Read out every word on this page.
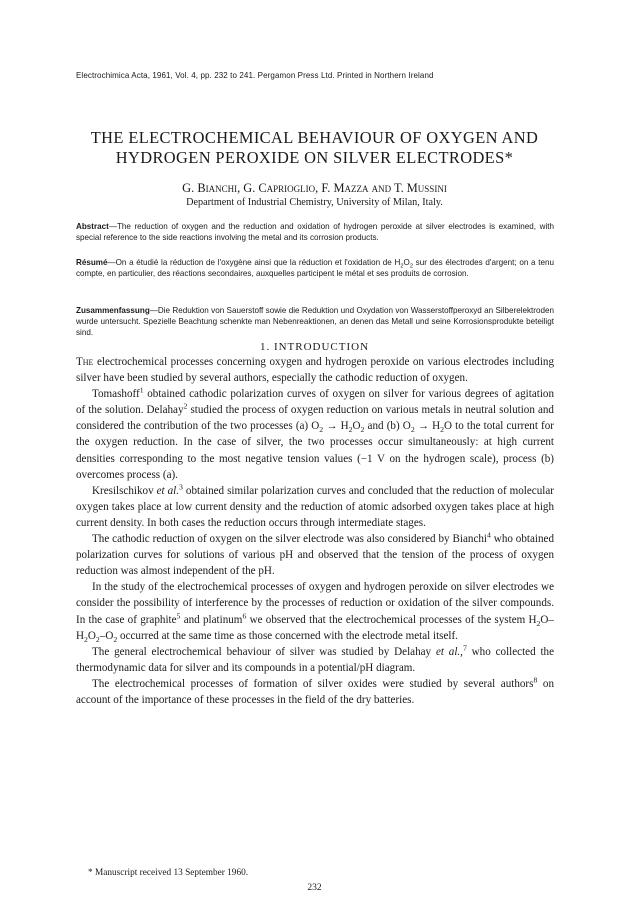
Electrochimica Acta, 1961, Vol. 4, pp. 232 to 241. Pergamon Press Ltd. Printed in Northern Ireland
THE ELECTROCHEMICAL BEHAVIOUR OF OXYGEN AND
HYDROGEN PEROXIDE ON SILVER ELECTRODES*
G. Bianchi, G. Caprioglio, F. Mazza and T. Mussini
Department of Industrial Chemistry, University of Milan, Italy.
Abstract—The reduction of oxygen and the reduction and oxidation of hydrogen peroxide at silver electrodes is examined, with special reference to the side reactions involving the metal and its corrosion products.
Résumé—On a étudié la réduction de l'oxygène ainsi que la réduction et l'oxidation de $H_2O_2$ sur des électrodes d'argent; on a tenu compte, en particulier, des réactions secondaires, auxquelles participent le métal et ses produits de corrosion.
Zusammenfassung—Die Reduktion von Sauerstoff sowie die Reduktion und Oxydation von Wasserstoffperoxyd an Silberelektroden wurde untersucht. Spezielle Beachtung schenkte man Nebenreaktionen, an denen das Metall und seine Korrosionsprodukte beteiligt sind.
1. INTRODUCTION

The electrochemical processes concerning oxygen and hydrogen peroxide on various electrodes including silver have been studied by several authors, especially the cathodic reduction of oxygen.

Tomashoff$^1$ obtained cathodic polarization curves of oxygen on silver for various degrees of agitation of the solution. Delahay$^2$ studied the process of oxygen reduction on various metals in neutral solution and considered the contribution of the two processes (a) $O_2 \to H_2O_2$ and (b) $O_2 \to H_2O$ to the total current for the oxygen reduction. In the case of silver, the two processes occur simultaneously: at high current densities corresponding to the most negative tension values (−1 V on the hydrogen scale), process (b) overcomes process (a).

Kresilschikov et al.$^3$ obtained similar polarization curves and concluded that the reduction of molecular oxygen takes place at low current density and the reduction of atomic adsorbed oxygen takes place at high current density. In both cases the reduction occurs through intermediate stages.

The cathodic reduction of oxygen on the silver electrode was also considered by Bianchi$^4$ who obtained polarization curves for solutions of various pH and observed that the tension of the process of oxygen reduction was almost independent of the pH.

In the study of the electrochemical processes of oxygen and hydrogen peroxide on silver electrodes we consider the possibility of interference by the processes of reduction or oxidation of the silver compounds. In the case of graphite$^5$ and platinum$^6$ we observed that the electrochemical processes of the system $H_2O-H_2O_2-O_2$ occurred at the same time as those concerned with the electrode metal itself.

The general electrochemical behaviour of silver was studied by Delahay et al.,$^7$ who collected the thermodynamic data for silver and its compounds in a potential/pH diagram.

The electrochemical processes of formation of silver oxides were studied by several authors$^8$ on account of the importance of these processes in the field of the dry batteries.

* Manuscript received 13 September 1960.
232
